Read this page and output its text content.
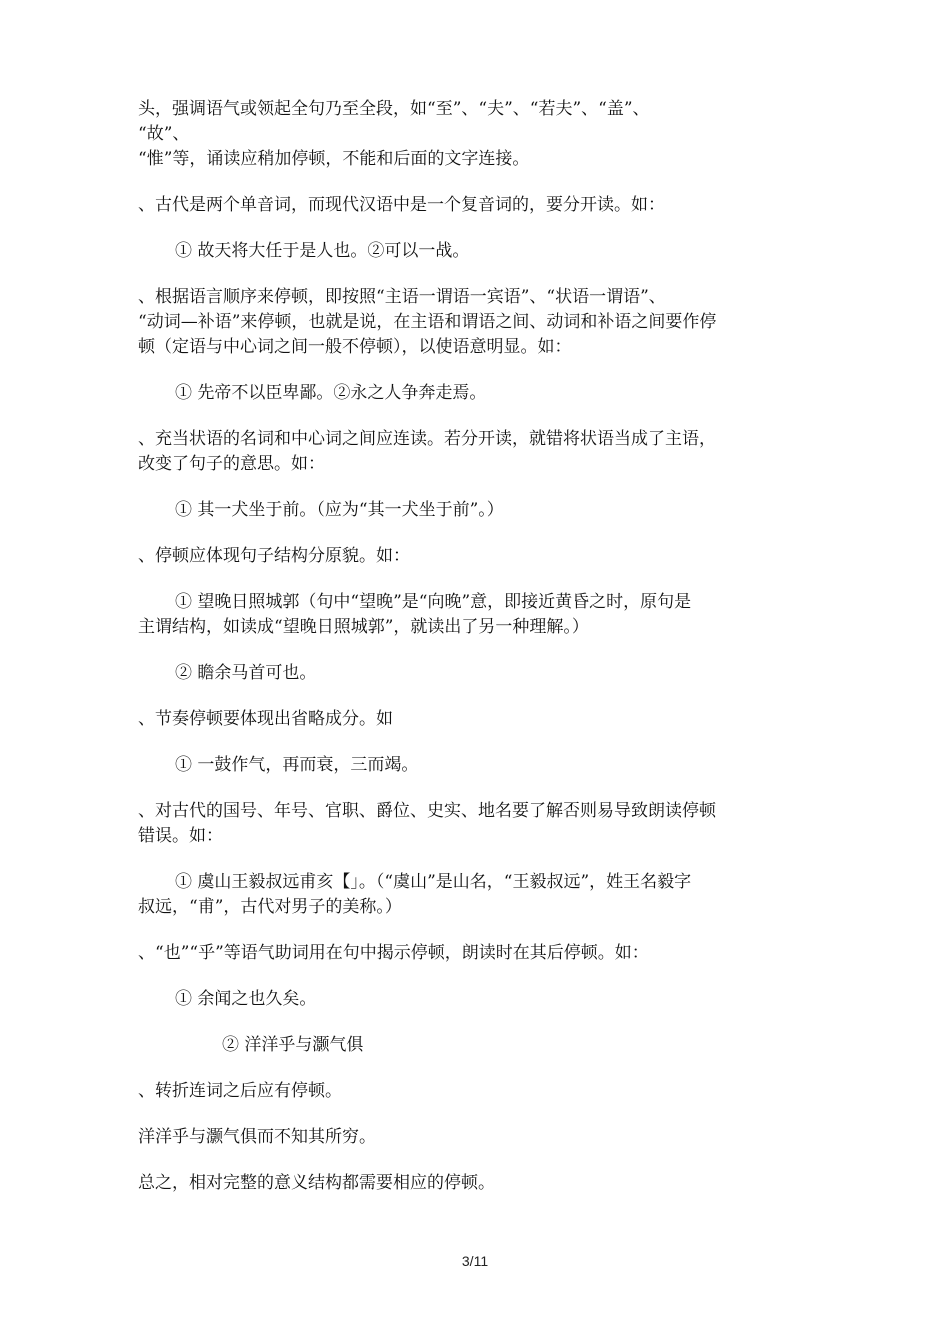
头，强调语气或领起全句乃至全段，如“至”、“夫”、“若夫”、“盖”、
“故”、
“惟”等，诵读应稍加停顿，不能和后面的文字连接。

、古代是两个单音词，而现代汉语中是一个复音词的，要分开读。如：

① 故天将大任于是人也。②可以一战。

、根据语言顺序来停顿，即按照“主语一谓语一宾语”、“状语一谓语”、
“动词—补语”来停顿，也就是说，在主语和谓语之间、动词和补语之间要作停
顿（定语与中心词之间一般不停顿），以使语意明显。如：

① 先帝不以臣卑鄙。②永之人争奔走焉。

、充当状语的名词和中心词之间应连读。若分开读，就错将状语当成了主语，
改变了句子的意思。如：

① 其一犬坐于前。（应为“其一犬坐于前”。）

、停顿应体现句子结构分原貌。如：

① 望晚日照城郭（句中“望晚”是“向晚”意，即接近黄昏之时，原句是
主谓结构，如读成“望晚日照城郭”，就读出了另一种理解。）

② 瞻余马首可也。

、节奏停顿要体现出省略成分。如

① 一鼓作气，再而衰，三而竭。

、对古代的国号、年号、官职、爵位、史实、地名要了解否则易导致朗读停顿
错误。如：

① 虞山王毅叔远甫亥【」。（“虞山”是山名，“王毅叔远”，姓王名毅字
叔远，“甫”，古代对男子的美称。）

、“也”“乎”等语气助词用在句中揭示停顿，朗读时在其后停顿。如：

① 余闻之也久矣。

② 洋洋乎与灏气俱

、转折连词之后应有停顿。

洋洋乎与灏气俱而不知其所穷。

总之，相对完整的意义结构都需要相应的停顿。

3/11
